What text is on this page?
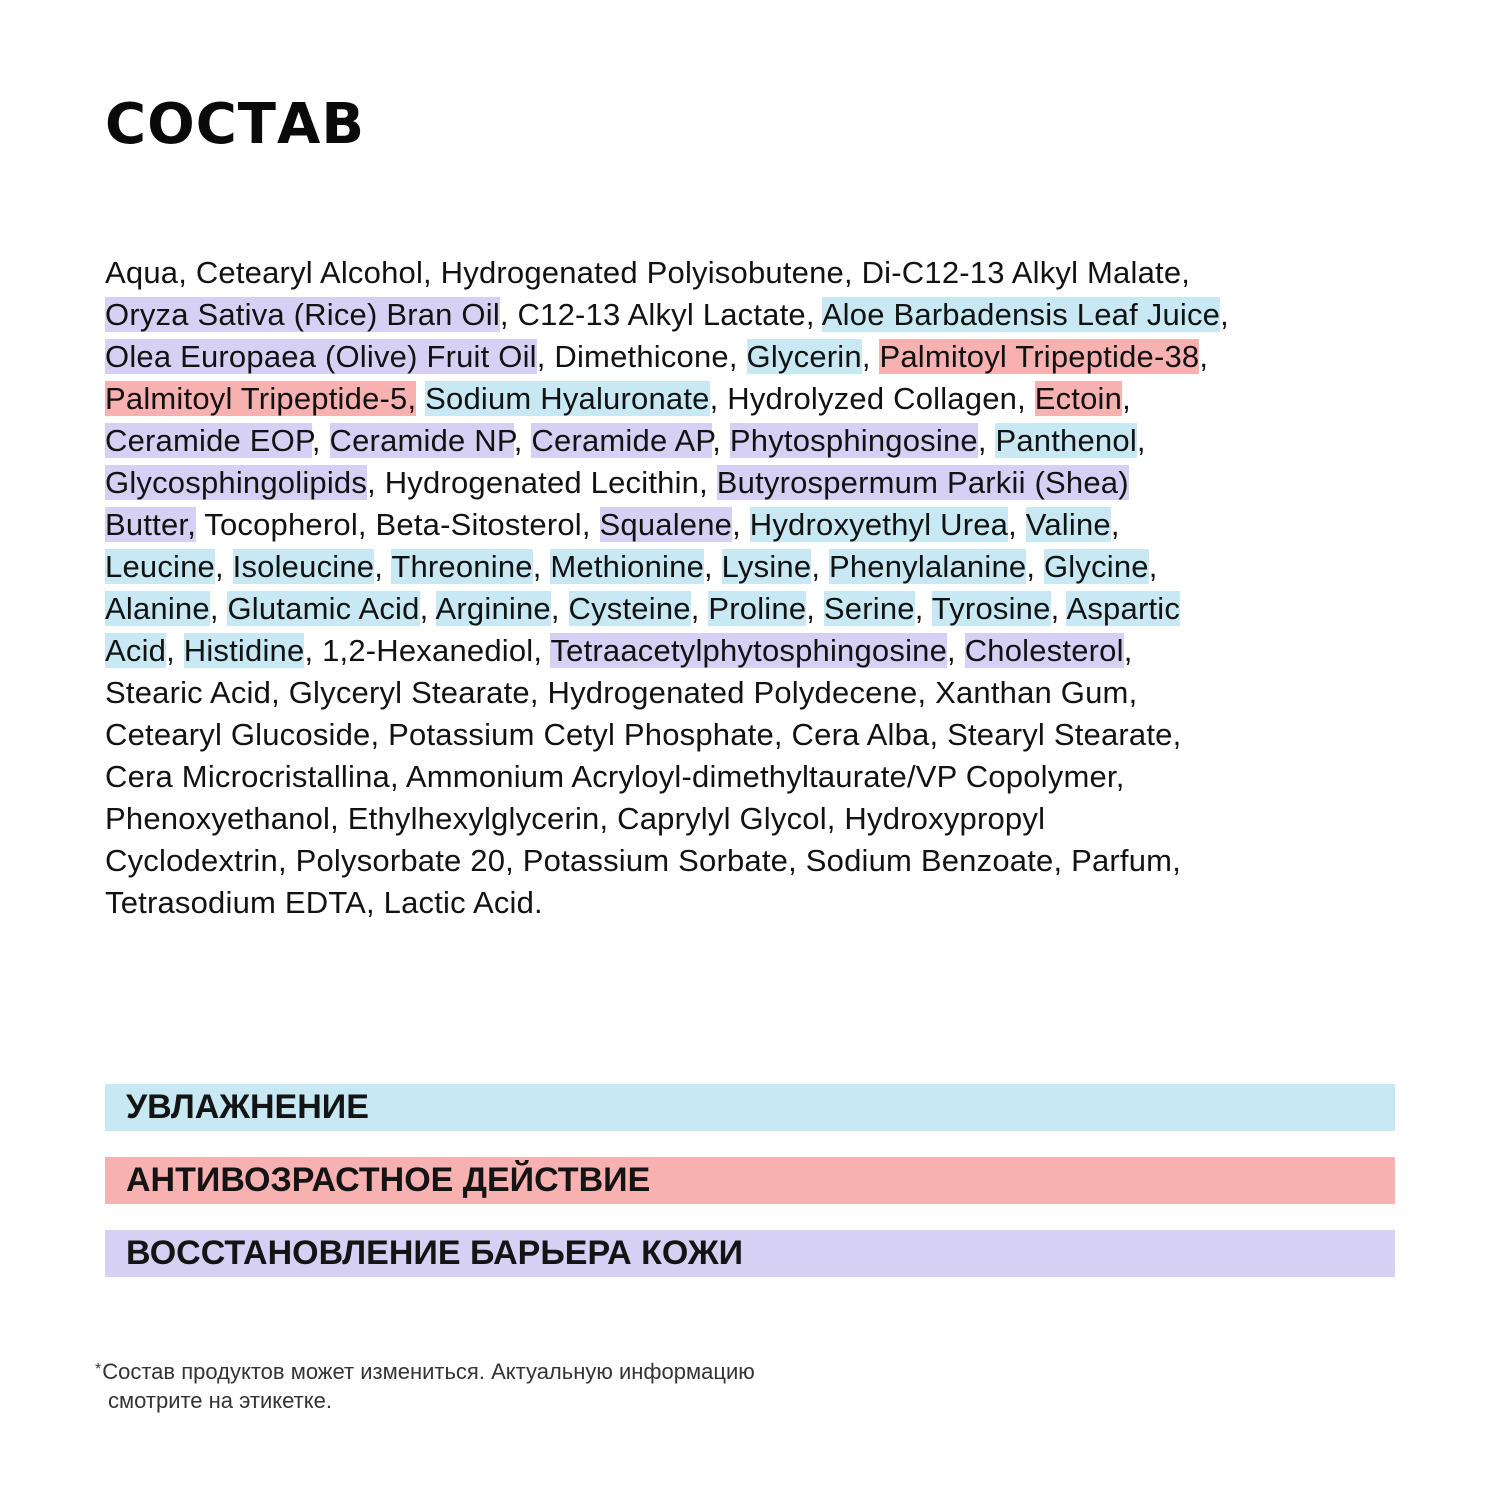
СОСТАВ
Aqua, Cetearyl Alcohol, Hydrogenated Polyisobutene, Di-C12-13 Alkyl Malate,
Oryza Sativa (Rice) Bran Oil, C12-13 Alkyl Lactate, Aloe Barbadensis Leaf Juice,
Olea Europaea (Olive) Fruit Oil, Dimethicone, Glycerin, Palmitoyl Tripeptide-38,
Palmitoyl Tripeptide-5, Sodium Hyaluronate, Hydrolyzed Collagen, Ectoin,
Ceramide EOP, Ceramide NP, Ceramide AP, Phytosphingosine, Panthenol,
Glycosphingolipids, Hydrogenated Lecithin, Butyrospermum Parkii (Shea)
Butter, Tocopherol, Beta-Sitosterol, Squalene, Hydroxyethyl Urea, Valine,
Leucine, Isoleucine, Threonine, Methionine, Lysine, Phenylalanine, Glycine,
Alanine, Glutamic Acid, Arginine, Cysteine, Proline, Serine, Tyrosine, Aspartic
Acid, Histidine, 1,2-Hexanediol, Tetraacetylphytosphingosine, Cholesterol,
Stearic Acid, Glyceryl Stearate, Hydrogenated Polydecene, Xanthan Gum,
Cetearyl Glucoside, Potassium Cetyl Phosphate, Cera Alba, Stearyl Stearate,
Cera Microcristallina, Ammonium Acryloyl-dimethyltaurate/VP Copolymer,
Phenoxyethanol, Ethylhexylglycerin, Caprylyl Glycol, Hydroxypropyl
Cyclodextrin, Polysorbate 20, Potassium Sorbate, Sodium Benzoate, Parfum,
Tetrasodium EDTA, Lactic Acid.
УВЛАЖНЕНИЕ
АНТИВОЗРАСТНОЕ ДЕЙСТВИЕ
ВОССТАНОВЛЕНИЕ БАРЬЕРА КОЖИ
*Состав продуктов может измениться. Актуальную информацию
смотрите на этикетке.
